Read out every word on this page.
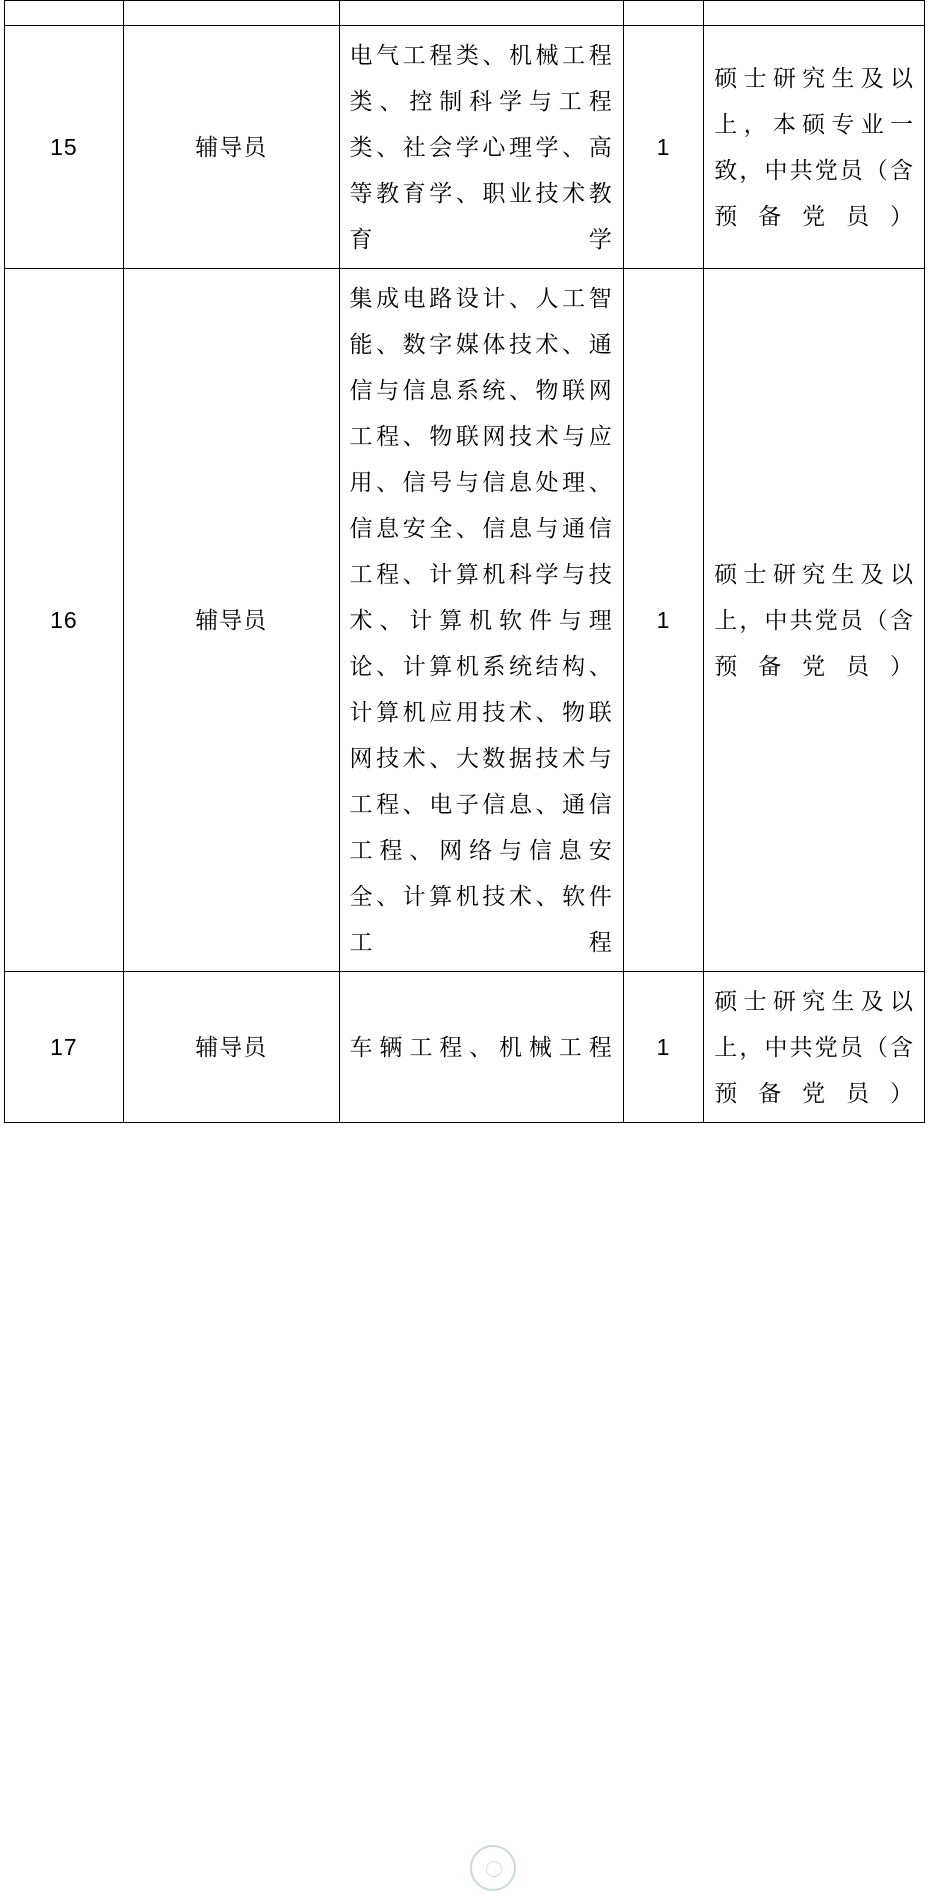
15	辅导员	电气工程类、机械工程类、控制科学与工程类、社会学心理学、高等教育学、职业技术教育学	1	硕士研究生及以上，本硕专业一致，中共党员（含预备党员）
16	辅导员	集成电路设计、人工智能、数字媒体技术、通信与信息系统、物联网工程、物联网技术与应用、信号与信息处理、信息安全、信息与通信工程、计算机科学与技术、计算机软件与理论、计算机系统结构、计算机应用技术、物联网技术、大数据技术与工程、电子信息、通信工程、网络与信息安全、计算机技术、软件工程	1	硕士研究生及以上，中共党员（含预备党员）
17	辅导员	车辆工程、机械工程	1	硕士研究生及以上，中共党员（含预备党员）
